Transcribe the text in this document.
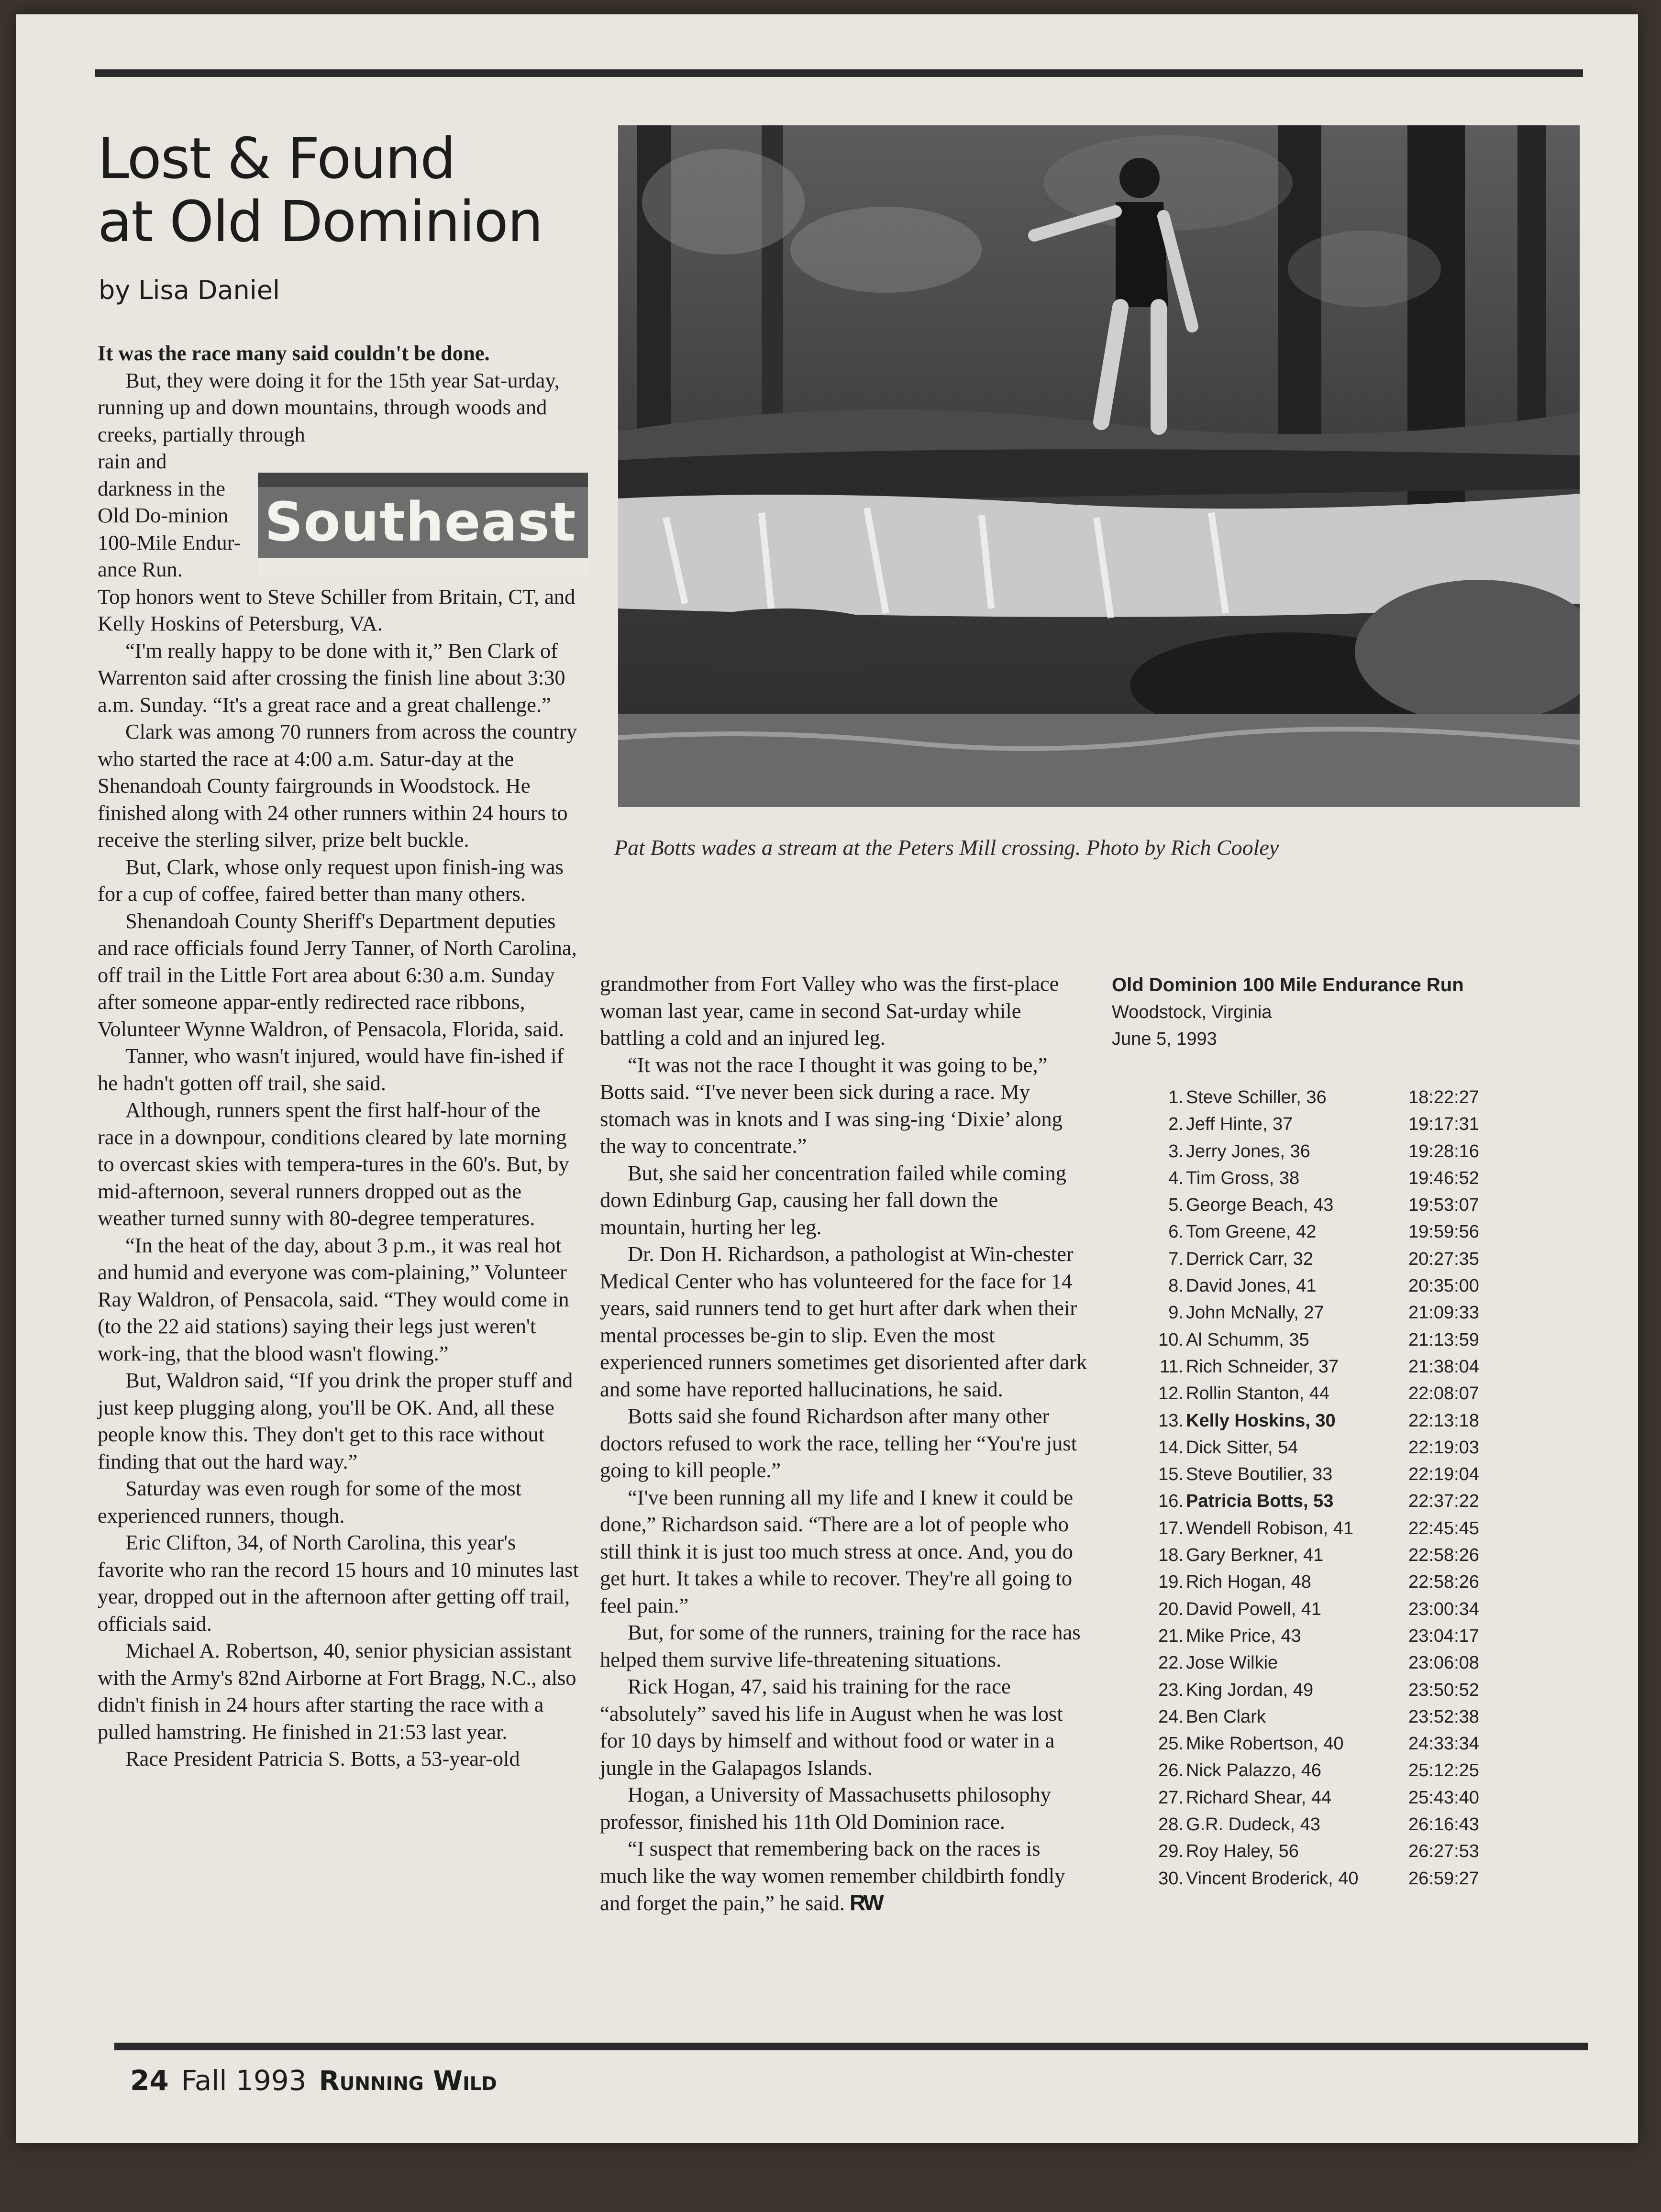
Lost & Found
at Old Dominion
by Lisa Daniel
Southeast

It was the race many said couldn't be done.

But, they were doing it for the 15th year Sat-urday, running up and down mountains, through woods and creeks, partially through

rain and darkness in the Old Do-minion 100-Mile Endur-ance Run.

Top honors went to Steve Schiller from Britain, CT, and Kelly Hoskins of Petersburg, VA.

“I'm really happy to be done with it,” Ben Clark of Warrenton said after crossing the finish line about 3:30 a.m. Sunday. “It's a great race and a great challenge.”

Clark was among 70 runners from across the country who started the race at 4:00 a.m. Satur-day at the Shenandoah County fairgrounds in Woodstock. He finished along with 24 other runners within 24 hours to receive the sterling silver, prize belt buckle.

But, Clark, whose only request upon finish-ing was for a cup of coffee, faired better than many others.

Shenandoah County Sheriff's Department deputies and race officials found Jerry Tanner, of North Carolina, off trail in the Little Fort area about 6:30 a.m. Sunday after someone appar-ently redirected race ribbons, Volunteer Wynne Waldron, of Pensacola, Florida, said.

Tanner, who wasn't injured, would have fin-ished if he hadn't gotten off trail, she said.

Although, runners spent the first half-hour of the race in a downpour, conditions cleared by late morning to overcast skies with tempera-tures in the 60's. But, by mid-afternoon, several runners dropped out as the weather turned sunny with 80-degree temperatures.

“In the heat of the day, about 3 p.m., it was real hot and humid and everyone was com-plaining,” Volunteer Ray Waldron, of Pensacola, said. “They would come in (to the 22 aid stations) saying their legs just weren't work-ing, that the blood wasn't flowing.”

But, Waldron said, “If you drink the proper stuff and just keep plugging along, you'll be OK. And, all these people know this. They don't get to this race without finding that out the hard way.”

Saturday was even rough for some of the most experienced runners, though.

Eric Clifton, 34, of North Carolina, this year's favorite who ran the record 15 hours and 10 minutes last year, dropped out in the afternoon after getting off trail, officials said.

Michael A. Robertson, 40, senior physician assistant with the Army's 82nd Airborne at Fort Bragg, N.C., also didn't finish in 24 hours after starting the race with a pulled hamstring. He finished in 21:53 last year.

Race President Patricia S. Botts, a 53-year-old

Pat Botts wades a stream at the Peters Mill crossing. Photo by Rich Cooley

grandmother from Fort Valley who was the first-place woman last year, came in second Sat-urday while battling a cold and an injured leg.

“It was not the race I thought it was going to be,” Botts said. “I've never been sick during a race. My stomach was in knots and I was sing-ing ‘Dixie’ along the way to concentrate.”

But, she said her concentration failed while coming down Edinburg Gap, causing her fall down the mountain, hurting her leg.

Dr. Don H. Richardson, a pathologist at Win-chester Medical Center who has volunteered for the face for 14 years, said runners tend to get hurt after dark when their mental processes be-gin to slip. Even the most experienced runners sometimes get disoriented after dark and some have reported hallucinations, he said.

Botts said she found Richardson after many other doctors refused to work the race, telling her “You're just going to kill people.”

“I've been running all my life and I knew it could be done,” Richardson said. “There are a lot of people who still think it is just too much stress at once. And, you do get hurt. It takes a while to recover. They're all going to feel pain.”

But, for some of the runners, training for the race has helped them survive life-threatening situations.

Rick Hogan, 47, said his training for the race “absolutely” saved his life in August when he was lost for 10 days by himself and without food or water in a jungle in the Galapagos Islands.

Hogan, a University of Massachusetts philosophy professor, finished his 11th Old Dominion race.

“I suspect that remembering back on the races is much like the way women remember childbirth fondly and forget the pain,” he said. RW

Old Dominion 100 Mile Endurance Run
Woodstock, Virginia
June 5, 1993
1. Steve Schiller, 36	18:22:27
2. Jeff Hinte, 37	19:17:31
3. Jerry Jones, 36	19:28:16
4. Tim Gross, 38	19:46:52
5. George Beach, 43	19:53:07
6. Tom Greene, 42	19:59:56
7. Derrick Carr, 32	20:27:35
8. David Jones, 41	20:35:00
9. John McNally, 27	21:09:33
10. Al Schumm, 35	21:13:59
11. Rich Schneider, 37	21:38:04
12. Rollin Stanton, 44	22:08:07
13. Kelly Hoskins, 30	22:13:18
14. Dick Sitter, 54	22:19:03
15. Steve Boutilier, 33	22:19:04
16. Patricia Botts, 53	22:37:22
17. Wendell Robison, 41	22:45:45
18. Gary Berkner, 41	22:58:26
19. Rich Hogan, 48	22:58:26
20. David Powell, 41	23:00:34
21. Mike Price, 43	23:04:17
22. Jose Wilkie	23:06:08
23. King Jordan, 49	23:50:52
24. Ben Clark	23:52:38
25. Mike Robertson, 40	24:33:34
26. Nick Palazzo, 46	25:12:25
27. Richard Shear, 44	25:43:40
28. G.R. Dudeck, 43	26:16:43
29. Roy Haley, 56	26:27:53
30. Vincent Broderick, 40	26:59:27
24 Fall 1993 Running Wild
